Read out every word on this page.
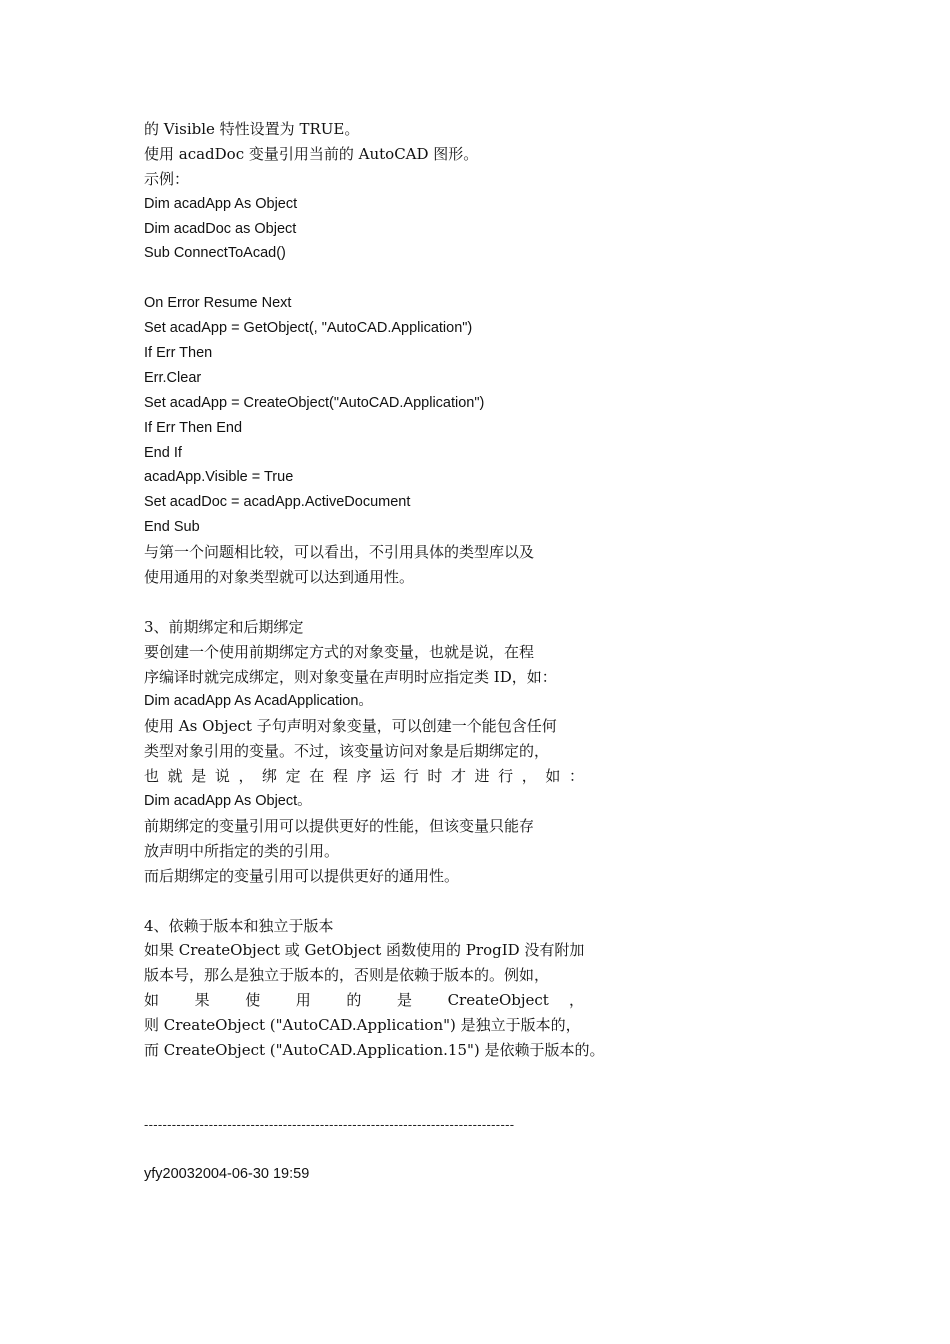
的 Visible 特性设置为 TRUE。
使用 acadDoc 变量引用当前的 AutoCAD 图形。
示例：
Dim acadApp As Object
Dim acadDoc as Object
Sub ConnectToAcad()
On Error Resume Next
Set acadApp = GetObject(, "AutoCAD.Application")
If Err Then
Err.Clear
Set acadApp = CreateObject("AutoCAD.Application")
If Err Then End
End If
acadApp.Visible = True
Set acadDoc = acadApp.ActiveDocument
End Sub
与第一个问题相比较，可以看出，不引用具体的类型库以及
使用通用的对象类型就可以达到通用性。
3、前期绑定和后期绑定
要创建一个使用前期绑定方式的对象变量，也就是说，在程
序编译时就完成绑定，则对象变量在声明时应指定类 ID，如：
Dim acadApp As AcadApplication。
使用 As Object 子句声明对象变量，可以创建一个能包含任何
类型对象引用的变量。不过，该变量访问对象是后期绑定的，
也 就 是 说 ， 绑 定 在 程 序 运 行 时 才 进 行 ， 如 ：
Dim acadApp As Object。
前期绑定的变量引用可以提供更好的性能，但该变量只能存
放声明中所指定的类的引用。
而后期绑定的变量引用可以提供更好的通用性。
4、依赖于版本和独立于版本
如果 CreateObject 或 GetObject 函数使用的 ProgID 没有附加
版本号，那么是独立于版本的，否则是依赖于版本的。例如，
如 果 使 用 的 是 CreateObject ，
则 CreateObject ("AutoCAD.Application") 是独立于版本的，
而 CreateObject ("AutoCAD.Application.15") 是依赖于版本的。
--------------------------------------------------------------------------------
yfy20032004-06-30 19:59
